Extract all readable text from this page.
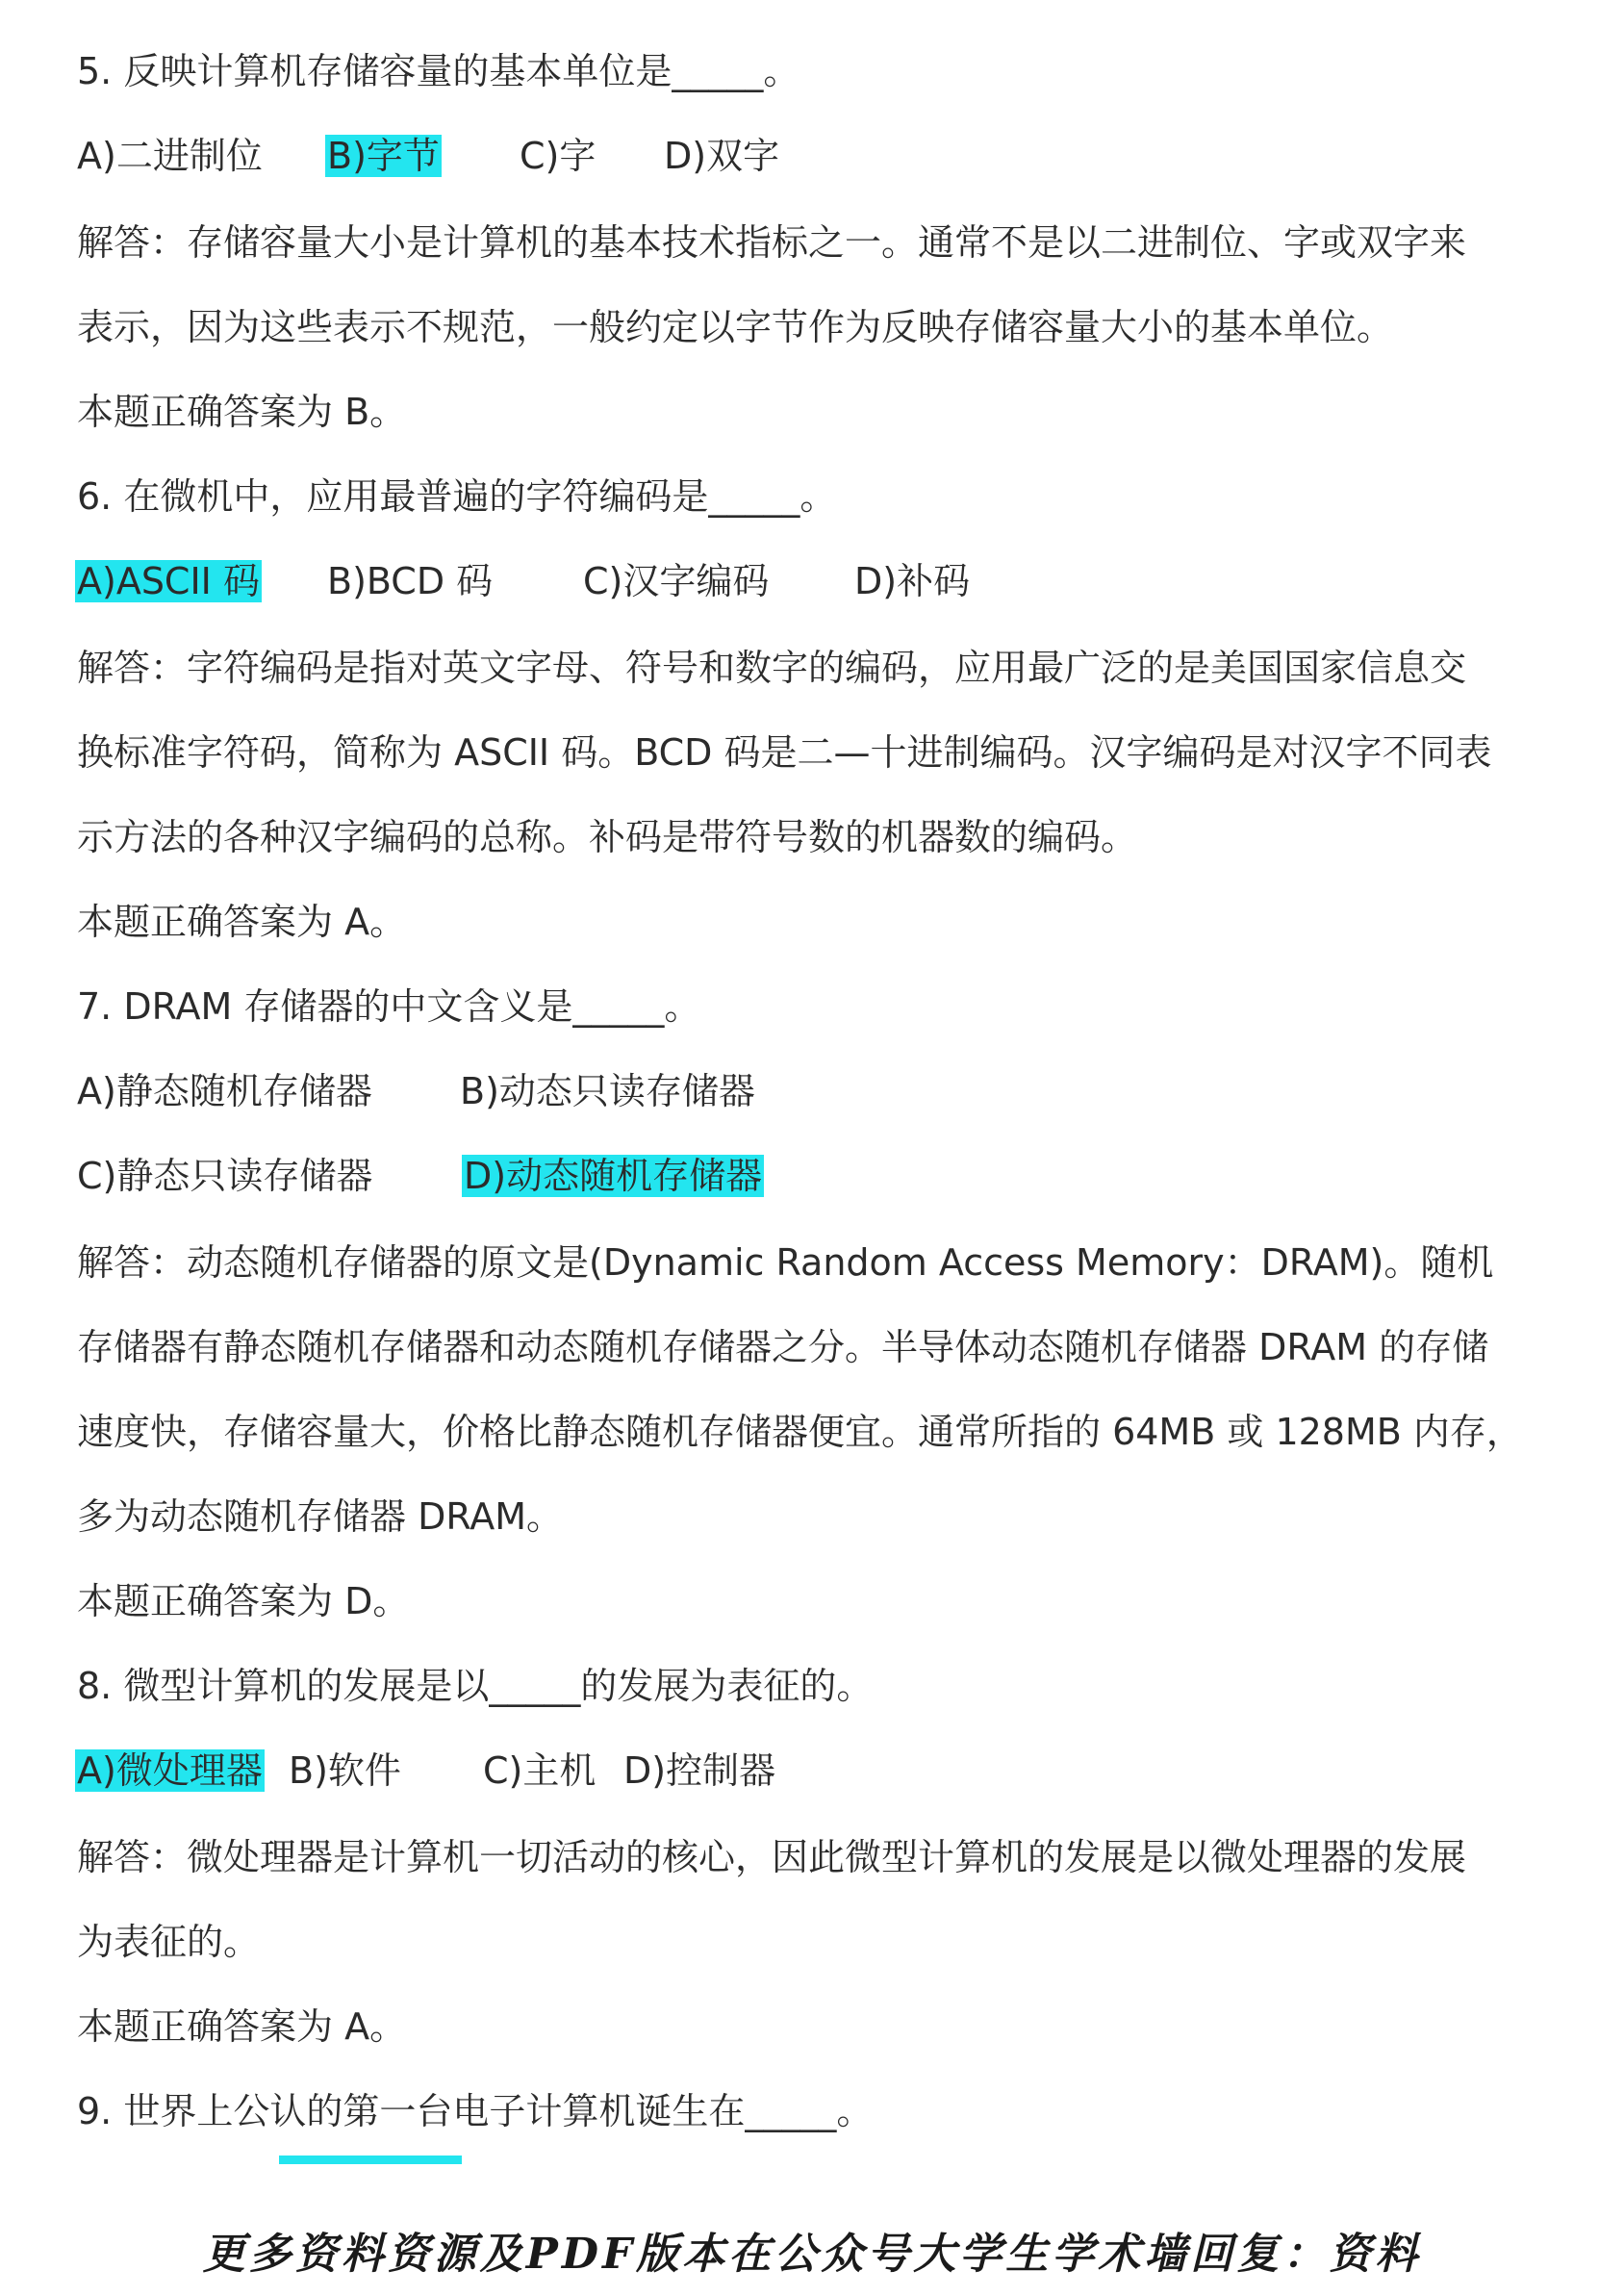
5. 反映计算机存储容量的基本单位是_____。
A)二进制位 B)字节 C)字 D)双字
解答：存储容量大小是计算机的基本技术指标之一。通常不是以二进制位、字或双字来
表示，因为这些表示不规范，一般约定以字节作为反映存储容量大小的基本单位。
本题正确答案为 B。
6. 在微机中，应用最普遍的字符编码是_____。
A)ASCII 码 B)BCD 码 C)汉字编码 D)补码
解答：字符编码是指对英文字母、符号和数字的编码，应用最广泛的是美国国家信息交
换标准字符码，简称为 ASCII 码。BCD 码是二—十进制编码。汉字编码是对汉字不同表
示方法的各种汉字编码的总称。补码是带符号数的机器数的编码。
本题正确答案为 A。
7. DRAM 存储器的中文含义是_____。
A)静态随机存储器 B)动态只读存储器
C)静态只读存储器 D)动态随机存储器
解答：动态随机存储器的原文是(Dynamic Random Access Memory：DRAM)。随机
存储器有静态随机存储器和动态随机存储器之分。半导体动态随机存储器 DRAM 的存储
速度快，存储容量大，价格比静态随机存储器便宜。通常所指的 64MB 或 128MB 内存，
多为动态随机存储器 DRAM。
本题正确答案为 D。
8. 微型计算机的发展是以_____的发展为表征的。
A)微处理器 B)软件 C)主机 D)控制器
解答：微处理器是计算机一切活动的核心，因此微型计算机的发展是以微处理器的发展
为表征的。
本题正确答案为 A。
9. 世界上公认的第一台电子计算机诞生在_____。
更多资料资源及PDF版本在公众号大学生学术墙回复：资料
